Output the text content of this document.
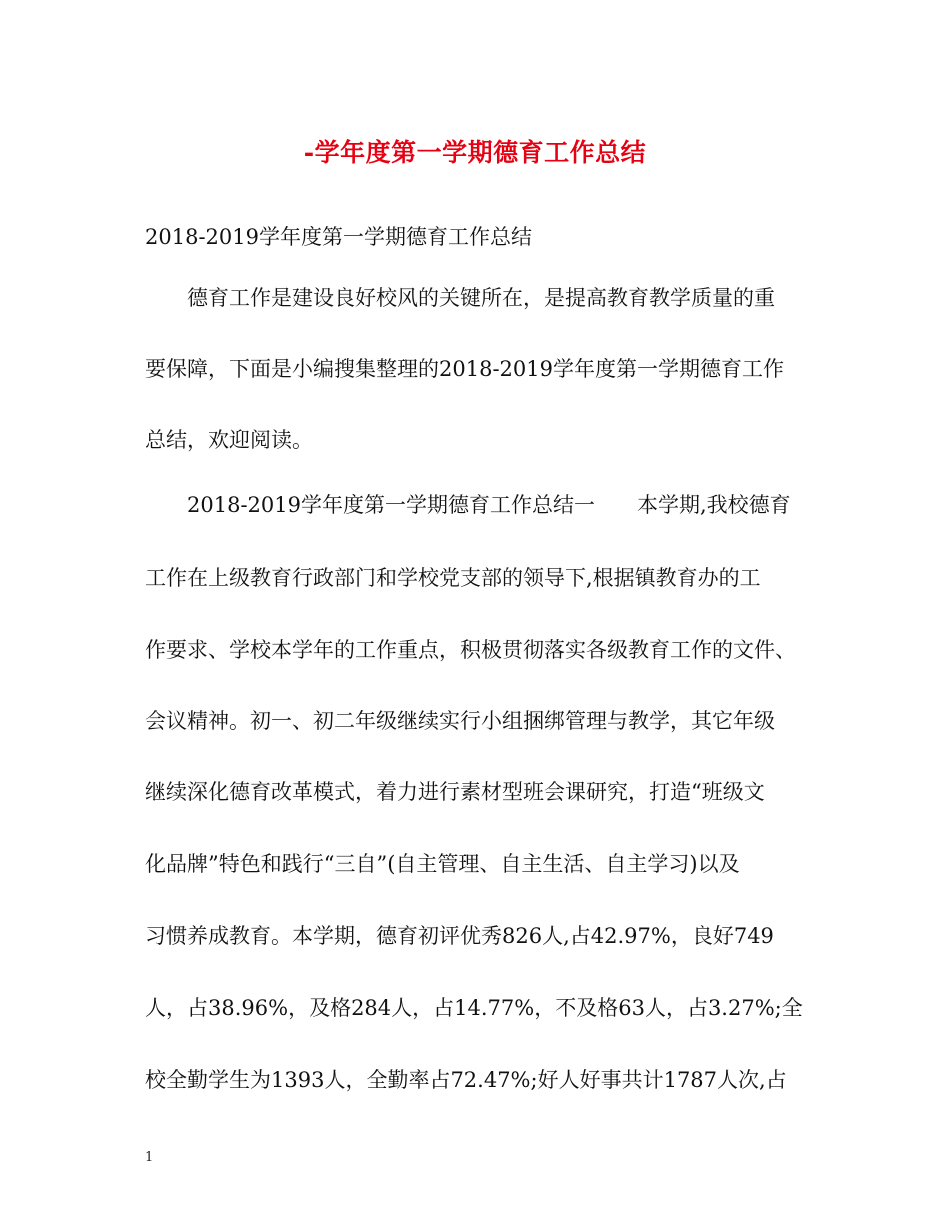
-学年度第一学期德育工作总结
2018-2019学年度第一学期德育工作总结
德育工作是建设良好校风的关键所在，是提高教育教学质量的重
要保障，下面是小编搜集整理的2018-2019学年度第一学期德育工作
总结，欢迎阅读。
2018-2019学年度第一学期德育工作总结一　　本学期,我校德育
工作在上级教育行政部门和学校党支部的领导下,根据镇教育办的工
作要求、学校本学年的工作重点，积极贯彻落实各级教育工作的文件、
会议精神。初一、初二年级继续实行小组捆绑管理与教学，其它年级
继续深化德育改革模式，着力进行素材型班会课研究，打造“班级文
化品牌”特色和践行“三自”(自主管理、自主生活、自主学习)以及
习惯养成教育。本学期，德育初评优秀826人,占42.97%，良好749
人，占38.96%，及格284人，占14.77%，不及格63人，占3.27%;全
校全勤学生为1393人，全勤率占72.47%;好人好事共计1787人次,占
1
